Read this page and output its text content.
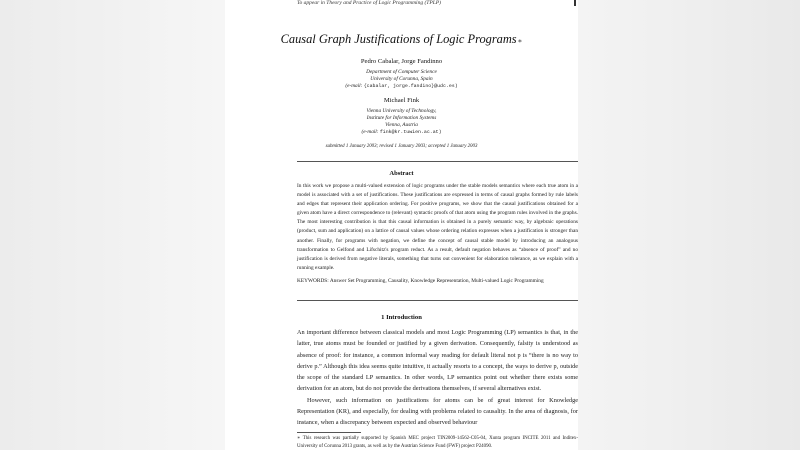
To appear in Theory and Practice of Logic Programming (TPLP)
Causal Graph Justifications of Logic Programs∗
Pedro Cabalar, Jorge Fandinno
Department of Computer Science
University of Corunna, Spain
(e-mail: {cabalar, jorge.fandino}@udc.es)
Michael Fink
Vienna University of Technology,
Institute for Information Systems
Vienna, Austria
(e-mail: fink@kr.tuwien.ac.at)
submitted 1 January 2003; revised 1 January 2003; accepted 1 January 2003
Abstract

In this work we propose a multi-valued extension of logic programs under the stable models semantics where each true atom in a model is associated with a set of justifications. These justifications are expressed in terms of causal graphs formed by rule labels and edges that represent their application ordering. For positive programs, we show that the causal justifications obtained for a given atom have a direct correspondence to (relevant) syntactic proofs of that atom using the program rules involved in the graphs. The most interesting contribution is that this causal information is obtained in a purely semantic way, by algebraic operations (product, sum and application) on a lattice of causal values whose ordering relation expresses when a justification is stronger than another. Finally, for programs with negation, we define the concept of causal stable model by introducing an analogous transformation to Gelfond and Lifschitz's program reduct. As a result, default negation behaves as “absence of proof” and no justification is derived from negative literals, something that turns out convenient for elaboration tolerance, as we explain with a running example.

KEYWORDS: Answer Set Programming, Causality, Knowledge Representation, Multi-valued Logic Programming
1 Introduction

An important difference between classical models and most Logic Programming (LP) semantics is that, in the latter, true atoms must be founded or justified by a given derivation. Consequently, falsity is understood as absence of proof: for instance, a common informal way reading for default literal not p is “there is no way to derive p.” Although this idea seems quite intuitive, it actually resorts to a concept, the ways to derive p, outside the scope of the standard LP semantics. In other words, LP semantics point out whether there exists some derivation for an atom, but do not provide the derivations themselves, if several alternatives exist.

However, such information on justifications for atoms can be of great interest for Knowledge Representation (KR), and especially, for dealing with problems related to causality. In the area of diagnosis, for instance, when a discrepancy between expected and observed behaviour

∗ This research was partially supported by Spanish MEC project TIN2009-14562-C05-04, Xunta program INCITE 2011 and Inditex-University of Corunna 2013 grants, as well as by the Austrian Science Fund (FWF) project P24090.
